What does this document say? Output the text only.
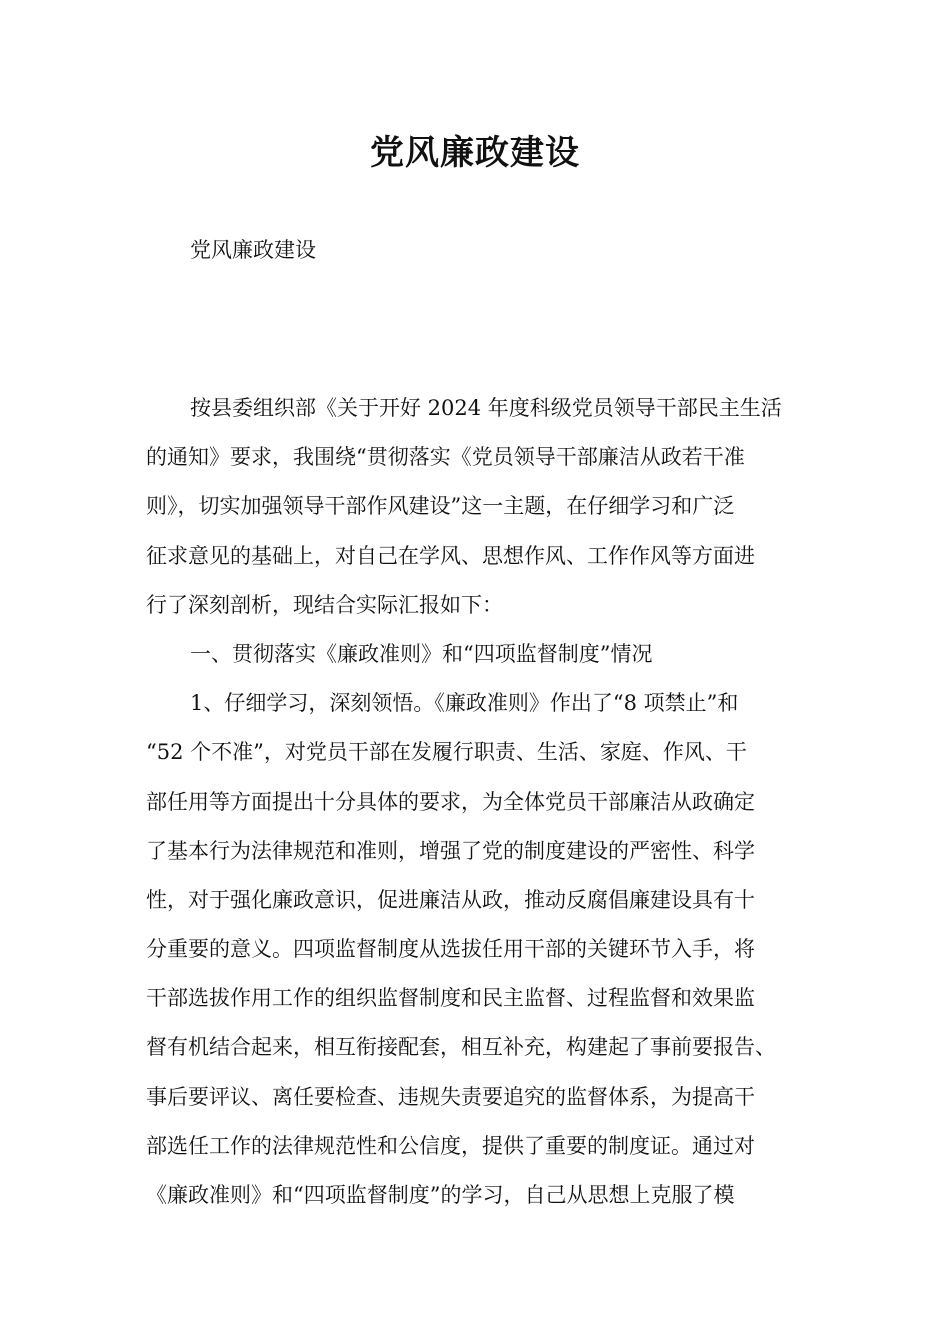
党风廉政建设
党风廉政建设
按县委组织部《关于开好 2024 年度科级党员领导干部民主生活
的通知》要求，我围绕“贯彻落实《党员领导干部廉洁从政若干准
则》，切实加强领导干部作风建设”这一主题，在仔细学习和广泛
征求意见的基础上，对自己在学风、思想作风、工作作风等方面进
行了深刻剖析，现结合实际汇报如下：
一、贯彻落实《廉政准则》和“四项监督制度”情况
1、仔细学习，深刻领悟。《廉政准则》作出了“8 项禁止”和
“52 个不准”，对党员干部在发履行职责、生活、家庭、作风、干
部任用等方面提出十分具体的要求，为全体党员干部廉洁从政确定
了基本行为法律规范和准则，增强了党的制度建设的严密性、科学
性，对于强化廉政意识，促进廉洁从政，推动反腐倡廉建设具有十
分重要的意义。四项监督制度从选拔任用干部的关键环节入手，将
干部选拔作用工作的组织监督制度和民主监督、过程监督和效果监
督有机结合起来，相互衔接配套，相互补充，构建起了事前要报告、
事后要评议、离任要检查、违规失责要追究的监督体系，为提高干
部选任工作的法律规范性和公信度，提供了重要的制度证。通过对
《廉政准则》和“四项监督制度”的学习，自己从思想上克服了模
